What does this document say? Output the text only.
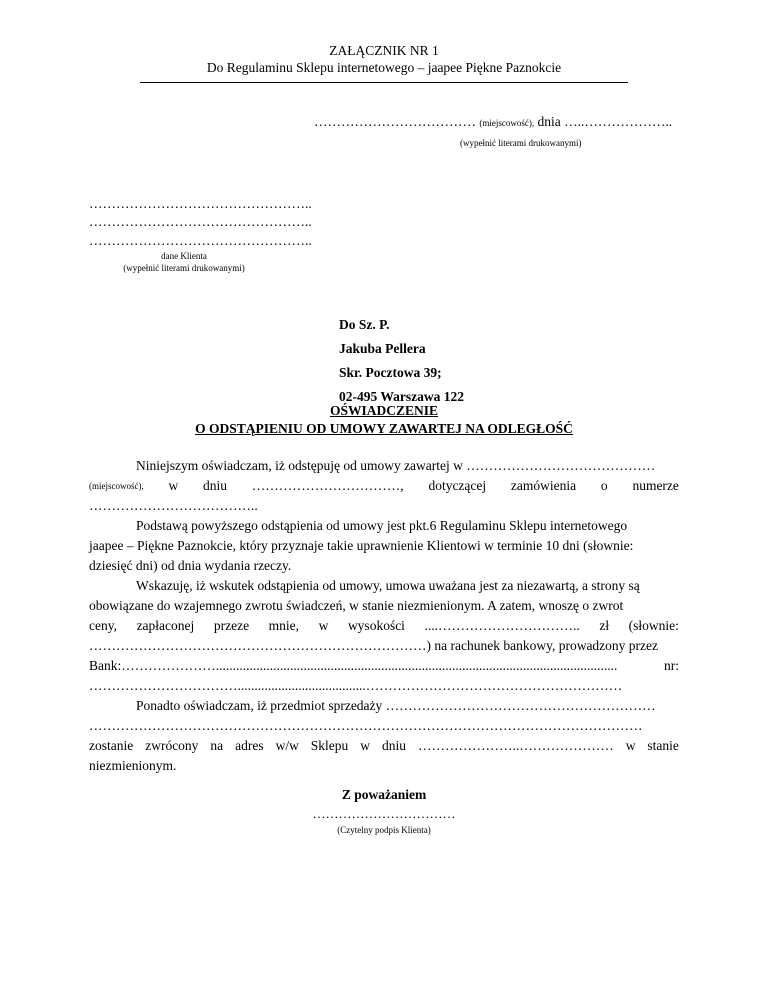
ZAŁĄCZNIK NR 1
Do Regulaminu Sklepu internetowego – jaapee Piękne Paznokcie
……………………………… (miejscowość), dnia …..………………..
(wypełnić literami drukowanymi)
…………………………………………..
…………………………………………..
…………………………………………..
dane Klienta
(wypełnić literami drukowanymi)
Do Sz. P.
Jakuba Pellera
Skr. Pocztowa 39;
02-495 Warszawa 122
OŚWIADCZENIE
O ODSTĄPIENIU OD UMOWY ZAWARTEJ NA ODLEGŁOŚĆ
Niniejszym oświadczam, iż odstępuję od umowy zawartej w ……………………………………
(miejscowość), w dniu ……………………………, dotyczącej zamówienia o numerze
………………………………..
Podstawą powyższego odstąpienia od umowy jest pkt.6 Regulaminu Sklepu internetowego
jaapee – Piękne Paznokcie, który przyznaje takie uprawnienie Klientowi w terminie 10 dni (słownie:
dziesięć dni) od dnia wydania rzeczy.
Wskazuję, iż wskutek odstąpienia od umowy, umowa uważana jest za niezawartą, a strony są
obowiązane do wzajemnego zwrotu świadczeń, w stanie niezmienionym. A zatem, wnoszę o zwrot
ceny, zapłaconej przeze mnie, w wysokości ....………………………….. zł (słownie:
…………………………………………………………………) na rachunek bankowy, prowadzony przez
Bank:………………….......................................................................................................................	nr:
……………………………......................................…………………………………………………
Ponadto oświadczam, iż przedmiot sprzedaży ……………………………………………………
……………………………………………………………………………………………………………
zostanie zwrócony na adres w/w Sklepu w dniu …………………..………………… w stanie
niezmienionym.
Z poważaniem
……………………………
(Czytelny podpis Klienta)
